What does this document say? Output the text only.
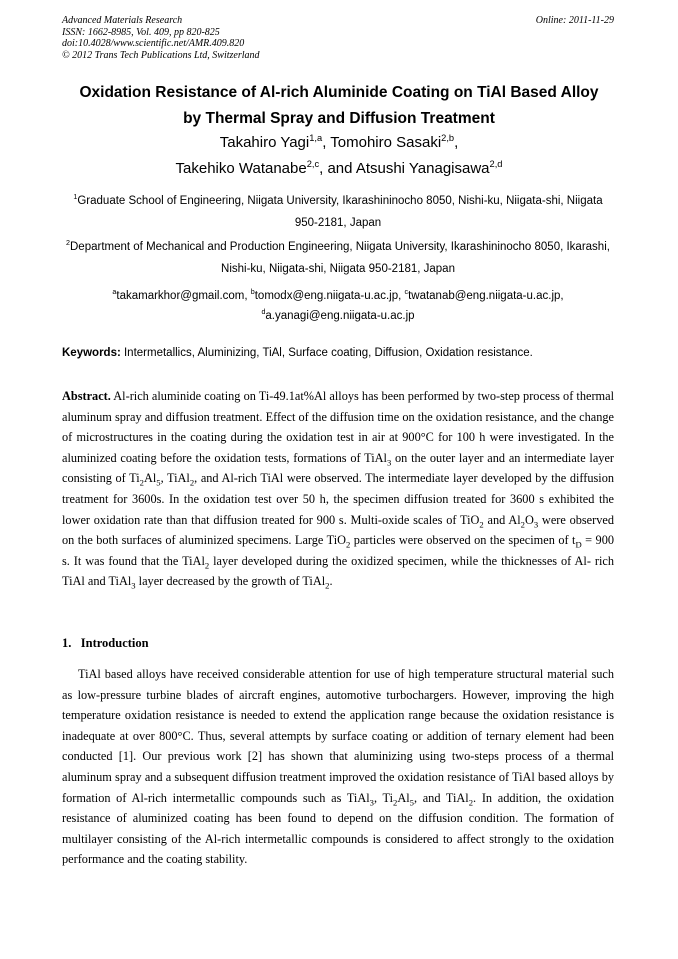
Advanced Materials Research
ISSN: 1662-8985, Vol. 409, pp 820-825
doi:10.4028/www.scientific.net/AMR.409.820
© 2012 Trans Tech Publications Ltd, Switzerland
Online: 2011-11-29
Oxidation Resistance of Al-rich Aluminide Coating on TiAl Based Alloy
by Thermal Spray and Diffusion Treatment
Takahiro Yagi$^{1,a}$, Tomohiro Sasaki$^{2,b}$,
Takehiko Watanabe$^{2,c}$, and Atsushi Yanagisawa$^{2,d}$
$^1$Graduate School of Engineering, Niigata University, Ikarashininocho 8050, Nishi-ku, Niigata-shi, Niigata 950-2181, Japan
$^2$Department of Mechanical and Production Engineering, Niigata University, Ikarashininocho 8050, Ikarashi, Nishi-ku, Niigata-shi, Niigata 950-2181, Japan
$^a$takamarkhor@gmail.com, $^b$tomodx@eng.niigata-u.ac.jp, $^c$twatanab@eng.niigata-u.ac.jp,
$^d$a.yanagi@eng.niigata-u.ac.jp
Keywords: Intermetallics, Aluminizing, TiAl, Surface coating, Diffusion, Oxidation resistance.
Abstract. Al-rich aluminide coating on Ti-49.1at%Al alloys has been performed by two-step process of thermal aluminum spray and diffusion treatment. Effect of the diffusion time on the oxidation resistance, and the change of microstructures in the coating during the oxidation test in air at 900°C for 100 h were investigated. In the aluminized coating before the oxidation tests, formations of TiAl$_3$ on the outer layer and an intermediate layer consisting of $Ti_2Al_5$, TiAl$_2$, and Al-rich TiAl were observed. The intermediate layer developed by the diffusion treatment for 3600s. In the oxidation test over 50 h, the specimen diffusion treated for 3600 s exhibited the lower oxidation rate than that diffusion treated for 900 s. Multi-oxide scales of TiO$_2$ and $Al_2O_3$ were observed on the both surfaces of aluminized specimens. Large TiO$_2$ particles were observed on the specimen of $t_D = 900$ s. It was found that the TiAl$_2$ layer developed during the oxidized specimen, while the thicknesses of Al- rich TiAl and TiAl$_3$ layer decreased by the growth of TiAl$_2$.
1. Introduction
TiAl based alloys have received considerable attention for use of high temperature structural material such as low-pressure turbine blades of aircraft engines, automotive turbochargers. However, improving the high temperature oxidation resistance is needed to extend the application range because the oxidation resistance is inadequate at over 800°C. Thus, several attempts by surface coating or addition of ternary element had been conducted [1]. Our previous work [2] has shown that aluminizing using two-steps process of a thermal aluminum spray and a subsequent diffusion treatment improved the oxidation resistance of TiAl based alloys by formation of Al-rich intermetallic compounds such as TiAl$_3$, $Ti_2Al_5$, and TiAl$_2$. In addition, the oxidation resistance of aluminized coating has been found to depend on the diffusion condition. The formation of multilayer consisting of the Al-rich intermetallic compounds is considered to affect strongly to the oxidation performance and the coating stability.
